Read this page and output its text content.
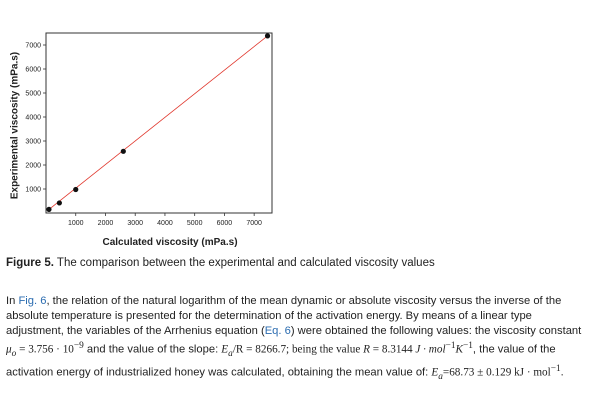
1000 2000 3000 4000 5000 6000 7000
1000
2000
3000
4000
5000
6000
7000
Experimental viscosity (mPa.s)
Calculated viscosity (mPa.s)
Figure 5. The comparison between the experimental and calculated viscosity values

In Fig. 6, the relation of the natural logarithm of the mean dynamic or absolute viscosity versus the inverse of the absolute temperature is presented for the determination of the activation energy. By means of a linear type adjustment, the variables of the Arrhenius equation (Eq. 6) were obtained the following values: the viscosity constant $\mu_o = 3.756 \cdot 10^{-9}$ and the value of the slope: $E_a/R = 8266.7$; being the value R = 8.3144 $J \cdot mol^{-1}K^{-1}$, the value of the activation energy of industrialized honey was calculated, obtaining the mean value of: $E_a=68.73 \pm 0.129$ kJ · mol$^{-1}$.
